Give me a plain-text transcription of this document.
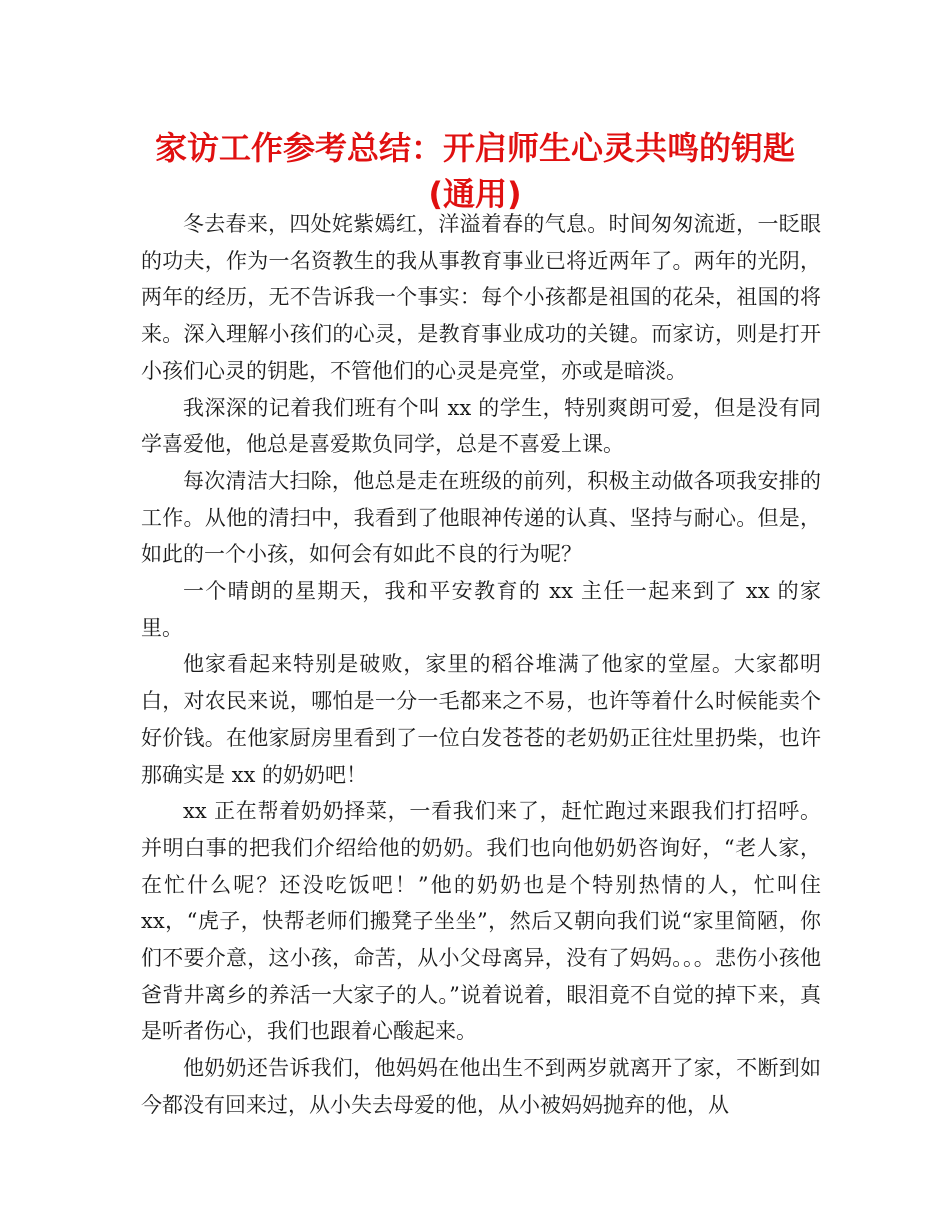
家访工作参考总结：开启师生心灵共鸣的钥匙
(通用)

冬去春来，四处姹紫嫣红，洋溢着春的气息。时间匆匆流逝，一眨眼的功夫，作为一名资教生的我从事教育事业已将近两年了。两年的光阴，两年的经历，无不告诉我一个事实：每个小孩都是祖国的花朵，祖国的将来。深入理解小孩们的心灵，是教育事业成功的关键。而家访，则是打开小孩们心灵的钥匙，不管他们的心灵是亮堂，亦或是暗淡。

我深深的记着我们班有个叫 xx 的学生，特别爽朗可爱，但是没有同学喜爱他，他总是喜爱欺负同学，总是不喜爱上课。

每次清洁大扫除，他总是走在班级的前列，积极主动做各项我安排的工作。从他的清扫中，我看到了他眼神传递的认真、坚持与耐心。但是，如此的一个小孩，如何会有如此不良的行为呢？

一个晴朗的星期天，我和平安教育的 xx 主任一起来到了 xx 的家里。

他家看起来特别是破败，家里的稻谷堆满了他家的堂屋。大家都明白，对农民来说，哪怕是一分一毛都来之不易，也许等着什么时候能卖个好价钱。在他家厨房里看到了一位白发苍苍的老奶奶正往灶里扔柴，也许那确实是 xx 的奶奶吧！

xx 正在帮着奶奶择菜，一看我们来了，赶忙跑过来跟我们打招呼。并明白事的把我们介绍给他的奶奶。我们也向他奶奶咨询好，“老人家，在忙什么呢？还没吃饭吧！”他的奶奶也是个特别热情的人，忙叫住 xx，“虎子，快帮老师们搬凳子坐坐”，然后又朝向我们说“家里简陋，你们不要介意，这小孩，命苦，从小父母离异，没有了妈妈。。。悲伤小孩他爸背井离乡的养活一大家子的人。”说着说着，眼泪竟不自觉的掉下来，真是听者伤心，我们也跟着心酸起来。

他奶奶还告诉我们，他妈妈在他出生不到两岁就离开了家，不断到如今都没有回来过，从小失去母爱的他，从小被妈妈抛弃的他，从
